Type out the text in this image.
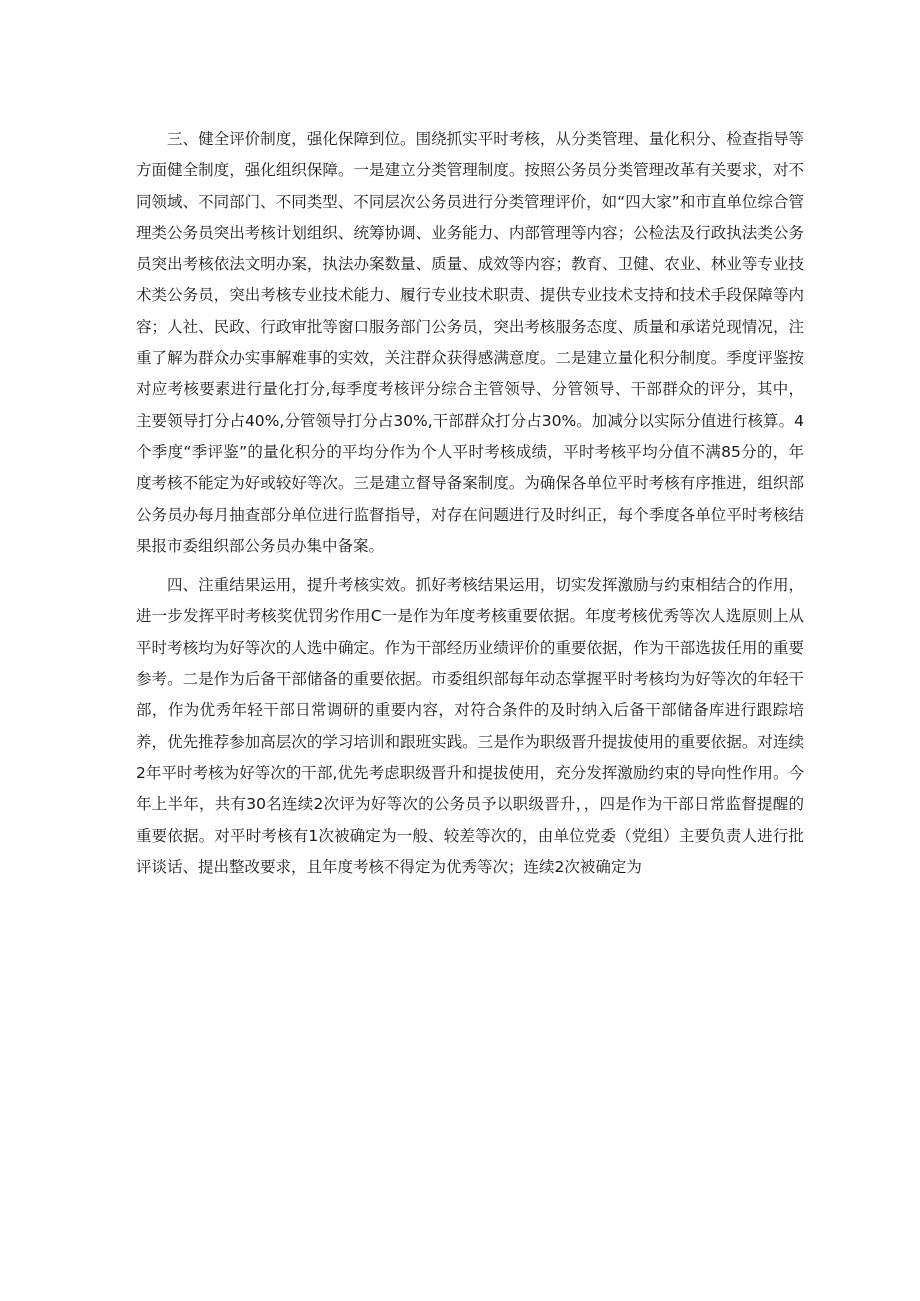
三、健全评价制度，强化保障到位。围绕抓实平时考核，从分类管理、量化积分、检查指导等方面健全制度，强化组织保障。一是建立分类管理制度。按照公务员分类管理改革有关要求，对不同领域、不同部门、不同类型、不同层次公务员进行分类管理评价，如“四大家”和市直单位综合管理类公务员突出考核计划组织、统筹协调、业务能力、内部管理等内容；公检法及行政执法类公务员突出考核依法文明办案，执法办案数量、质量、成效等内容；教育、卫健、农业、林业等专业技术类公务员，突出考核专业技术能力、履行专业技术职责、提供专业技术支持和技术手段保障等内容；人社、民政、行政审批等窗口服务部门公务员，突出考核服务态度、质量和承诺兑现情况，注重了解为群众办实事解难事的实效，关注群众获得感满意度。二是建立量化积分制度。季度评鉴按对应考核要素进行量化打分,每季度考核评分综合主管领导、分管领导、干部群众的评分，其中，主要领导打分占40%,分管领导打分占30%,干部群众打分占30%。加减分以实际分值进行核算。4个季度“季评鉴”的量化积分的平均分作为个人平时考核成绩，平时考核平均分值不满85分的，年度考核不能定为好或较好等次。三是建立督导备案制度。为确保各单位平时考核有序推进，组织部公务员办每月抽查部分单位进行监督指导，对存在问题进行及时纠正，每个季度各单位平时考核结果报市委组织部公务员办集中备案。

四、注重结果运用，提升考核实效。抓好考核结果运用，切实发挥激励与约束相结合的作用，进一步发挥平时考核奖优罚劣作用C一是作为年度考核重要依据。年度考核优秀等次人选原则上从平时考核均为好等次的人选中确定。作为干部经历业绩评价的重要依据，作为干部选拔任用的重要参考。二是作为后备干部储备的重要依据。市委组织部每年动态掌握平时考核均为好等次的年轻干部，作为优秀年轻干部日常调研的重要内容，对符合条件的及时纳入后备干部储备库进行跟踪培养，优先推荐参加高层次的学习培训和跟班实践。三是作为职级晋升提拔使用的重要依据。对连续2年平时考核为好等次的干部,优先考虑职级晋升和提拔使用，充分发挥激励约束的导向性作用。今年上半年，共有30名连续2次评为好等次的公务员予以职级晋升，，四是作为干部日常监督提醒的重要依据。对平时考核有1次被确定为一般、较差等次的，由单位党委（党组）主要负责人进行批评谈话、提出整改要求，且年度考核不得定为优秀等次；连续2次被确定为
